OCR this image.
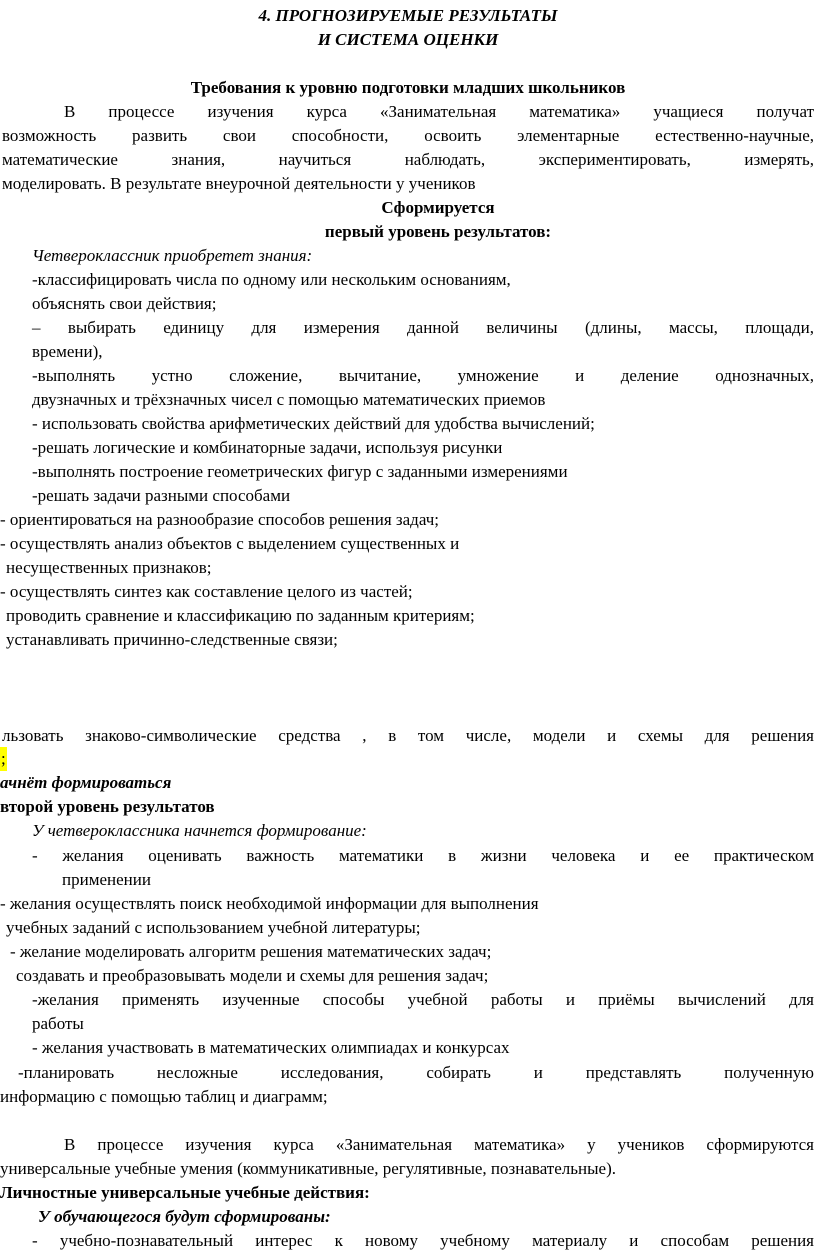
4. ПРОГНОЗИРУЕМЫЕ РЕЗУЛЬТАТЫ
И СИСТЕМА ОЦЕНКИ
Требования к уровню подготовки младших школьников
В процессе изучения курса «Занимательная математика» учащиеся получат
возможность развить свои способности, освоить элементарные естественно-научные,
математические знания, научиться наблюдать, экспериментировать, измерять,
моделировать. В результате внеурочной деятельности у учеников
Сформируется
первый уровень результатов:
Четвероклассник приобретет знания:
-классифицировать числа по одному или нескольким основаниям,
объяснять свои действия;
– выбирать единицу для измерения данной величины (длины, массы, площади,
времени),
-выполнять устно сложение, вычитание, умножение и деление однозначных,
двузначных и трёхзначных чисел с помощью математических приемов
- использовать свойства арифметических действий для удобства вычислений;
-решать логические и комбинаторные задачи, используя рисунки
-выполнять построение геометрических фигур с заданными измерениями
-решать задачи разными способами
- ориентироваться на разнообразие способов решения задач;
- осуществлять анализ объектов с выделением существенных и
несущественных признаков;
- осуществлять синтез как составление целого из частей;
проводить сравнение и классификацию по заданным критериям;
устанавливать причинно-следственные связи;
льзовать знаково-символические средства , в том числе, модели и схемы для решения
;
ачнёт формироваться
второй уровень результатов
У четвероклассника начнется формирование:
- желания оценивать важность математики в жизни человека и ее практическом
применении
- желания осуществлять поиск необходимой информации для выполнения
учебных заданий с использованием учебной литературы;
- желание моделировать алгоритм решения математических задач;
создавать и преобразовывать модели и схемы для решения задач;
-желания применять изученные способы учебной работы и приёмы вычислений для
работы
- желания участвовать в математических олимпиадах и конкурсах
-планировать несложные исследования, собирать и представлять полученную
информацию с помощью таблиц и диаграмм;
В процессе изучения курса «Занимательная математика» у учеников сформируются
универсальные учебные умения (коммуникативные, регулятивные, познавательные).
Личностные универсальные учебные действия:
У обучающегося будут сформированы:
- учебно-познавательный интерес к новому учебному материалу и способам решения
